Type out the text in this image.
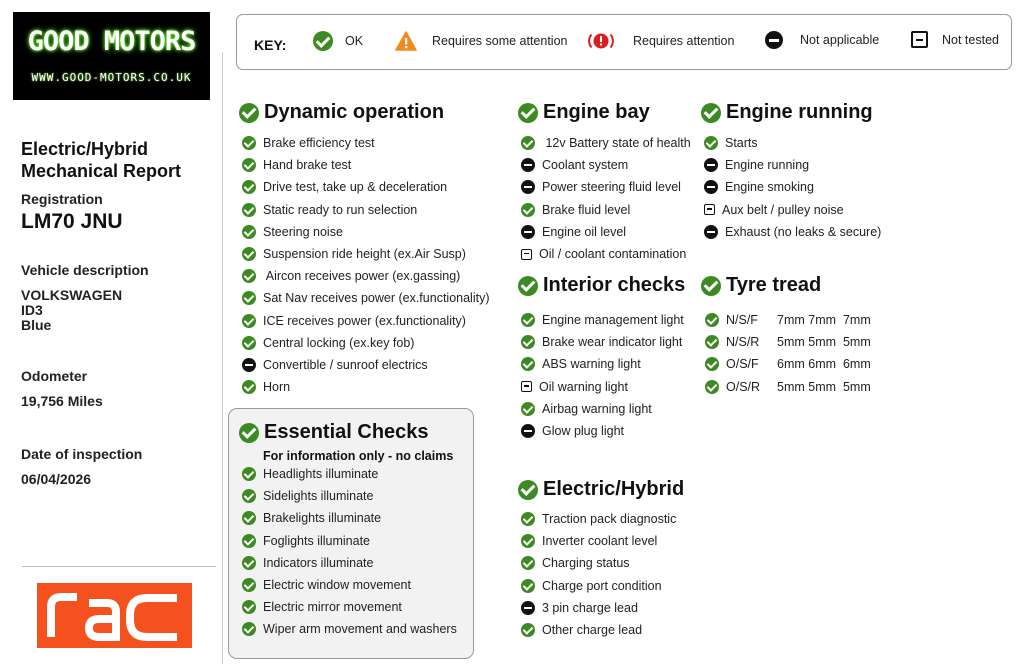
GOOD MOTORS
WWW.GOOD-MOTORS.CO.UK
KEY:	OK	Requires some attention	Requires attention	Not applicable	Not tested
Electric/Hybrid
Mechanical Report
Registration
LM70 JNU
Vehicle description
VOLKSWAGEN
ID3
Blue
Odometer
19,756 Miles
Date of inspection
06/04/2026
RAC
Dynamic operation
Brake efficiency test
Hand brake test
Drive test, take up & deceleration
Static ready to run selection
Steering noise
Suspension ride height (ex.Air Susp)
Aircon receives power (ex.gassing)
Sat Nav receives power (ex.functionality)
ICE receives power (ex.functionality)
Central locking (ex.key fob)
Convertible / sunroof electrics
Horn
Essential Checks
For information only - no claims
Headlights illuminate
Sidelights illuminate
Brakelights illuminate
Foglights illuminate
Indicators illuminate
Electric window movement
Electric mirror movement
Wiper arm movement and washers
Engine bay
12v Battery state of health
Coolant system
Power steering fluid level
Brake fluid level
Engine oil level
Oil / coolant contamination
Interior checks
Engine management light
Brake wear indicator light
ABS warning light
Oil warning light
Airbag warning light
Glow plug light
Electric/Hybrid
Traction pack diagnostic
Inverter coolant level
Charging status
Charge port condition
3 pin charge lead
Other charge lead
Engine running
Starts
Engine running
Engine smoking
Aux belt / pulley noise
Exhaust (no leaks & secure)
Tyre tread
N/S/F	7mm 7mm  7mm
N/S/R	5mm 5mm  5mm
O/S/F	6mm 6mm  6mm
O/S/R	5mm 5mm  5mm
